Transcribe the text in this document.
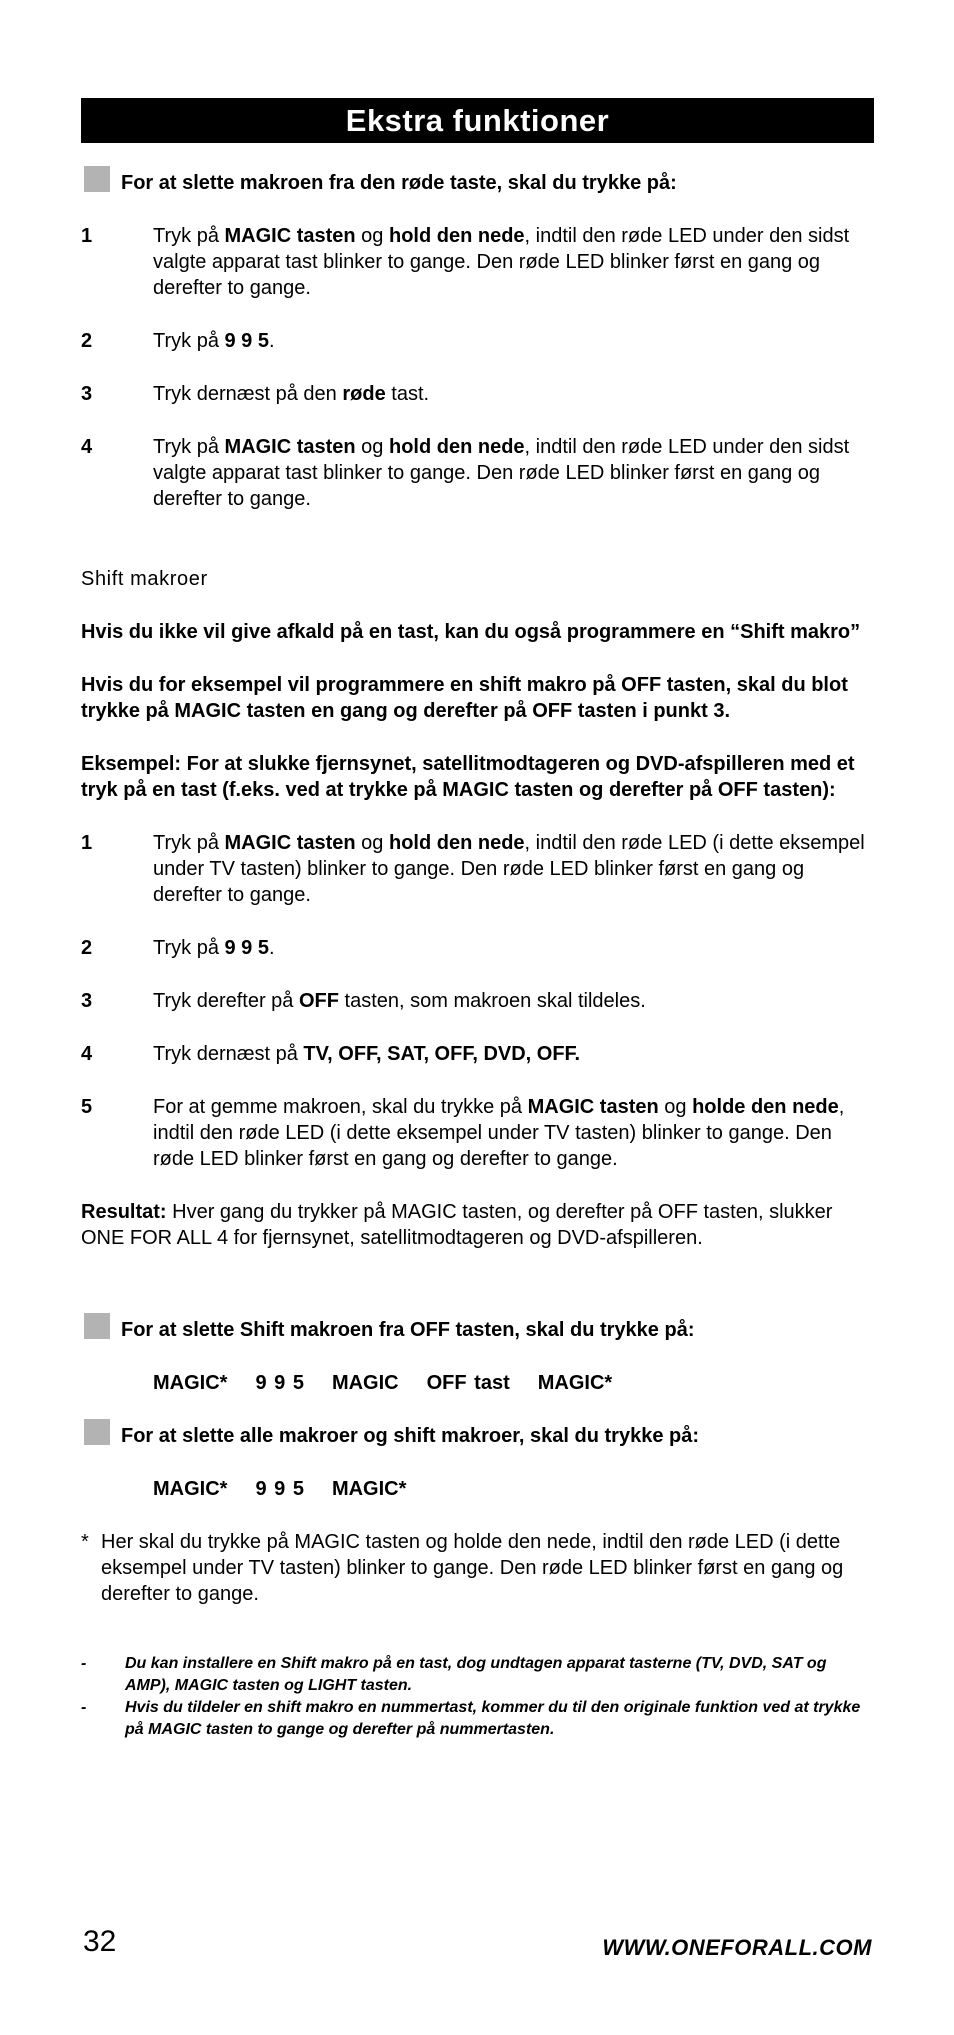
Ekstra funktioner
For at slette makroen fra den røde taste, skal du trykke på:
1	Tryk på MAGIC tasten og hold den nede, indtil den røde LED under den sidst valgte apparat tast blinker to gange. Den røde LED blinker først en gang og derefter to gange.
2	Tryk på 9 9 5.
3	Tryk dernæst på den røde tast.
4	Tryk på MAGIC tasten og hold den nede, indtil den røde LED under den sidst valgte apparat tast blinker to gange. Den røde LED blinker først en gang og derefter to gange.
Shift makroer

Hvis du ikke vil give afkald på en tast, kan du også programmere en “Shift makro”

Hvis du for eksempel vil programmere en shift makro på OFF tasten, skal du blot trykke på MAGIC tasten en gang og derefter på OFF tasten i punkt 3.

Eksempel: For at slukke fjernsynet, satellitmodtageren og DVD-afspilleren med et tryk på en tast (f.eks. ved at trykke på MAGIC tasten og derefter på OFF tasten):

1	Tryk på MAGIC tasten og hold den nede, indtil den røde LED (i dette eksempel under TV tasten) blinker to gange. Den røde LED blinker først en gang og derefter to gange.
2	Tryk på 9 9 5.
3	Tryk derefter på OFF tasten, som makroen skal tildeles.
4	Tryk dernæst på TV, OFF, SAT, OFF, DVD, OFF.
5	For at gemme makroen, skal du trykke på MAGIC tasten og holde den nede, indtil den røde LED (i dette eksempel under TV tasten) blinker to gange. Den røde LED blinker først en gang og derefter to gange.

Resultat: Hver gang du trykker på MAGIC tasten, og derefter på OFF tasten, slukker ONE FOR ALL 4 for fjernsynet, satellitmodtageren og DVD-afspilleren.

For at slette Shift makroen fra OFF tasten, skal du trykke på:
MAGIC* 9 9 5 MAGIC OFF tast MAGIC*
For at slette alle makroer og shift makroer, skal du trykke på:
MAGIC* 9 9 5 MAGIC*
* Her skal du trykke på MAGIC tasten og holde den nede, indtil den røde LED (i dette eksempel under TV tasten) blinker to gange. Den røde LED blinker først en gang og derefter to gange.
-	Du kan installere en Shift makro på en tast, dog undtagen apparat tasterne (TV, DVD, SAT og AMP), MAGIC tasten og LIGHT tasten.
-	Hvis du tildeler en shift makro en nummertast, kommer du til den originale funktion ved at trykke på MAGIC tasten to gange og derefter på nummertasten.
32	WWW.ONEFORALL.COM
